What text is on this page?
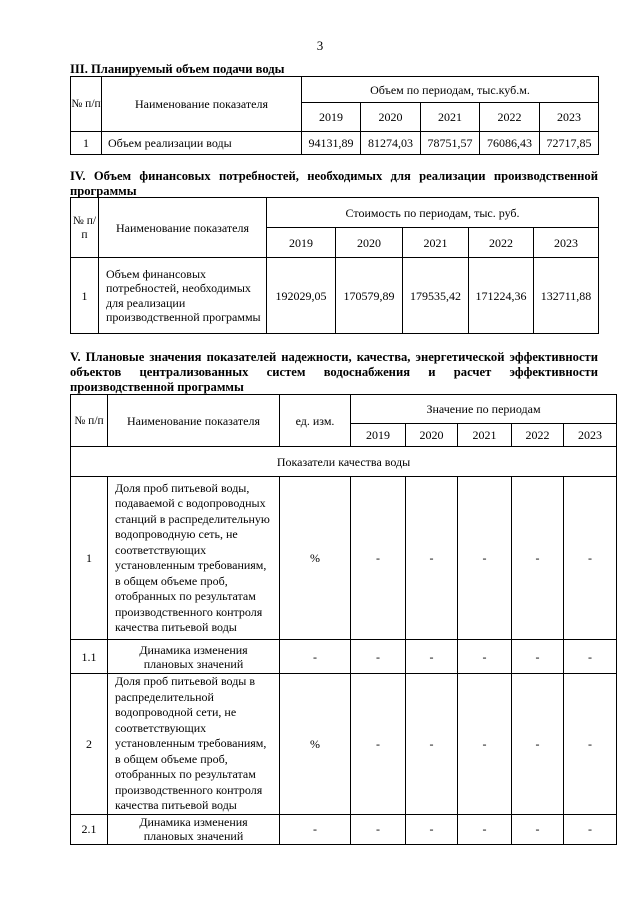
3
III. Планируемый объем подачи воды
№ п/п	Наименование показателя	Объем по периодам, тыс.куб.м.				
		2019	2020	2021	2022	2023
1	Объем реализации воды	94131,89	81274,03	78751,57	76086,43	72717,85
IV. Объем финансовых потребностей, необходимых для реализации производственной программы
№ п/п	Наименование показателя	Стоимость по периодам, тыс. руб.				
		2019	2020	2021	2022	2023
1	Объем финансовых потребностей, необходимых для реализации производственной программы	192029,05	170579,89	179535,42	171224,36	132711,88
V. Плановые значения показателей надежности, качества, энергетической эффективности объектов централизованных систем водоснабжения и расчет эффективности производственной программы
№ п/п	Наименование показателя	ед. изм.	Значение по периодам				
			2019	2020	2021	2022	2023
Показатели качества воды							
1	Доля проб питьевой воды, подаваемой с водопроводных станций в распределительную водопроводную сеть, не соответствующих установленным требованиям, в общем объеме проб, отобранных по результатам производственного контроля качества питьевой воды	%	-	-	-	-	-
1.1	Динамика изменения плановых значений	-	-	-	-	-	-
2	Доля проб питьевой воды в распределительной водопроводной сети, не соответствующих установленным требованиям, в общем объеме проб, отобранных по результатам производственного контроля качества питьевой воды	%	-	-	-	-	-
2.1	Динамика изменения плановых значений	-	-	-	-	-	-
